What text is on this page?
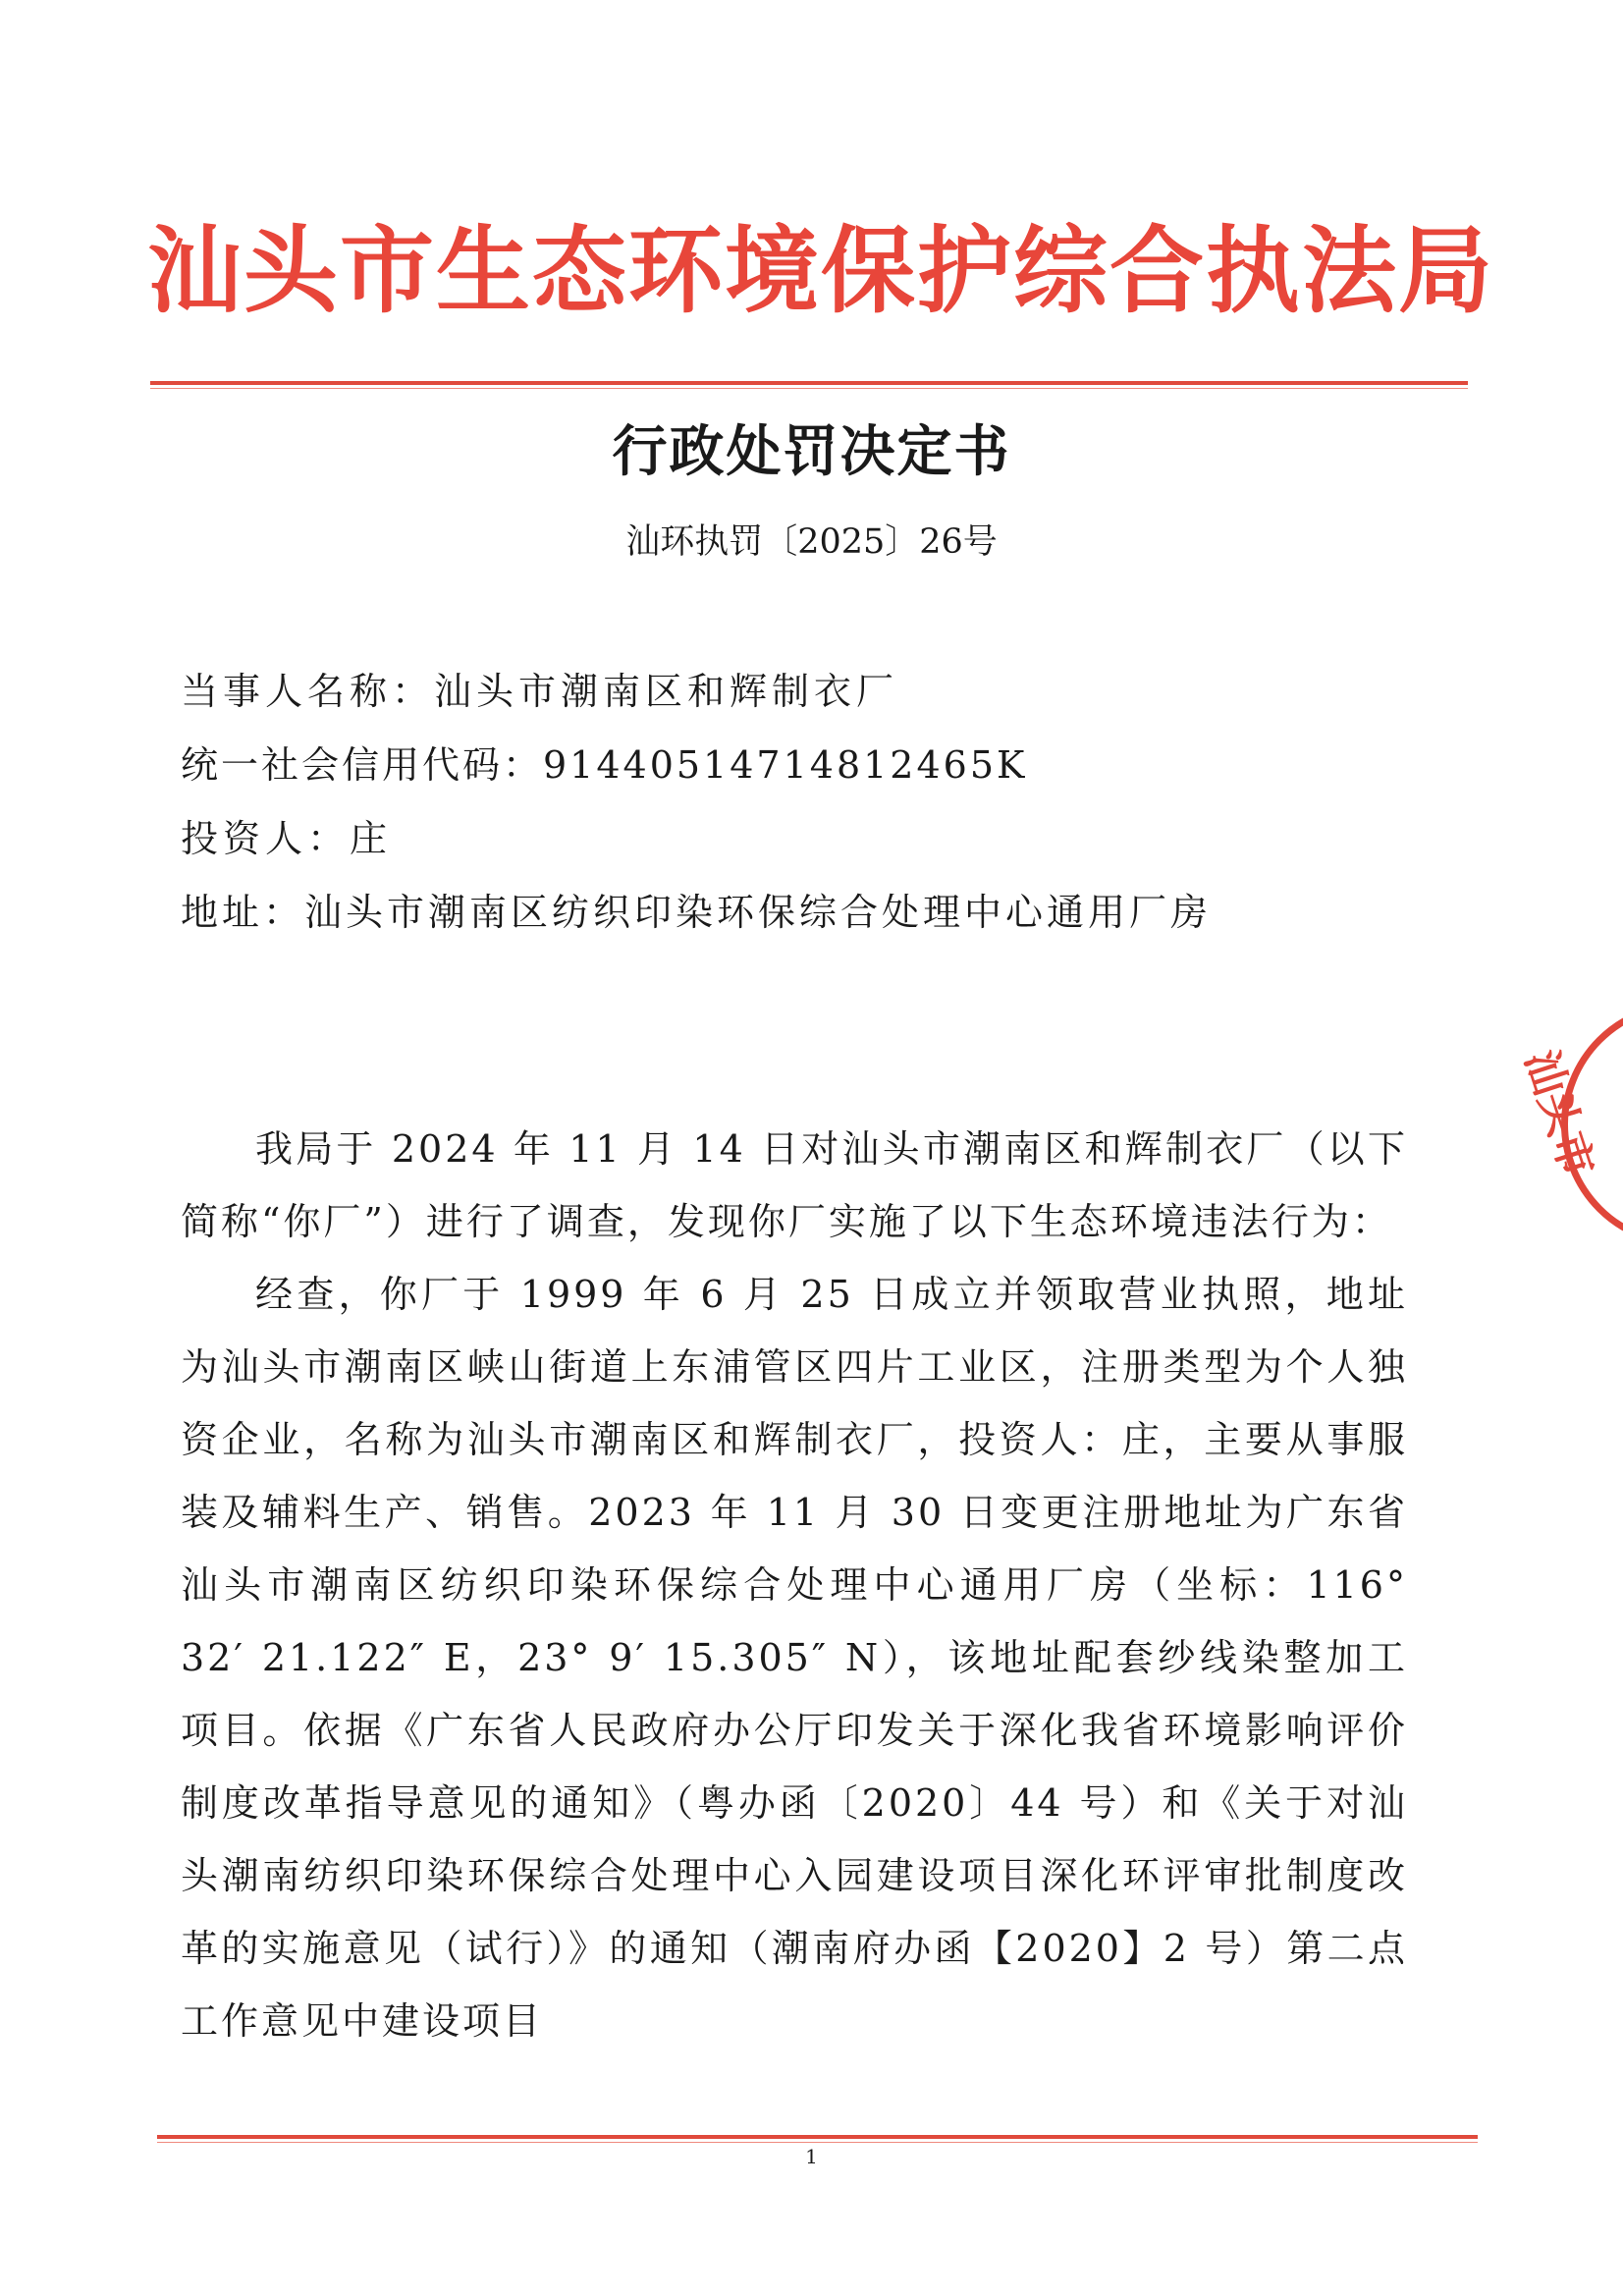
汕头市生态环境保护综合执法局
行政处罚决定书
汕环执罚〔2025〕26号
当事人名称：汕头市潮南区和辉制衣厂
统一社会信用代码：91440514714812465K
投资人：庄
地址：汕头市潮南区纺织印染环保综合处理中心通用厂房
汕头市

我局于 2024 年 11 月 14 日对汕头市潮南区和辉制衣厂（以下简称“你厂”）进行了调查，发现你厂实施了以下生态环境违法行为：

经查，你厂于 1999 年 6 月 25 日成立并领取营业执照，地址为汕头市潮南区峡山街道上东浦管区四片工业区，注册类型为个人独资企业，名称为汕头市潮南区和辉制衣厂，投资人：庄，主要从事服装及辅料生产、销售。2023 年 11 月 30 日变更注册地址为广东省汕头市潮南区纺织印染环保综合处理中心通用厂房（坐标：116° 32′ 21.122″ E，23° 9′ 15.305″ N），该地址配套纱线染整加工项目。依据《广东省人民政府办公厅印发关于深化我省环境影响评价制度改革指导意见的通知》（粤办函〔2020〕44 号）和《关于对汕头潮南纺织印染环保综合处理中心入园建设项目深化环评审批制度改革的实施意见（试行）》的通知（潮南府办函【2020】2 号）第二点工作意见中建设项目

1
